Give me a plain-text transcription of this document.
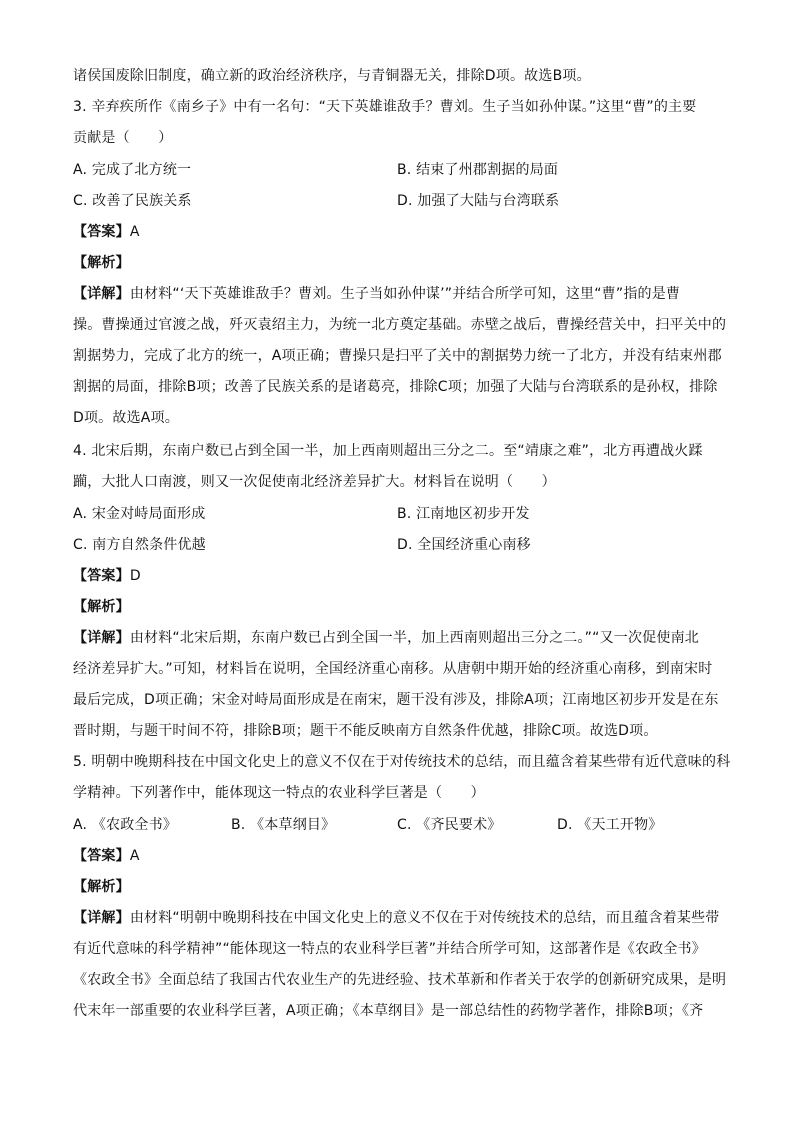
诸侯国废除旧制度，确立新的政治经济秩序，与青铜器无关，排除D项。故选B项。
3. 辛弃疾所作《南乡子》中有一名句：“天下英雄谁敌手？曹刘。生子当如孙仲谋。”这里“曹”的主要
贡献是（　　）
A. 完成了北方统一	B. 结束了州郡割据的局面
C. 改善了民族关系	D. 加强了大陆与台湾联系
【答案】A
【解析】
【详解】由材料“‘天下英雄谁敌手？曹刘。生子当如孙仲谋’”并结合所学可知，这里“曹”指的是曹
操。曹操通过官渡之战，歼灭袁绍主力，为统一北方奠定基础。赤壁之战后，曹操经营关中，扫平关中的
割据势力，完成了北方的统一，A项正确；曹操只是扫平了关中的割据势力统一了北方，并没有结束州郡
割据的局面，排除B项；改善了民族关系的是诸葛亮，排除C项；加强了大陆与台湾联系的是孙权，排除
D项。故选A项。
4. 北宋后期，东南户数已占到全国一半，加上西南则超出三分之二。至“靖康之难”，北方再遭战火蹂
躏，大批人口南渡，则又一次促使南北经济差异扩大。材料旨在说明（　　）
A. 宋金对峙局面形成	B. 江南地区初步开发
C. 南方自然条件优越	D. 全国经济重心南移
【答案】D
【解析】
【详解】由材料“北宋后期，东南户数已占到全国一半，加上西南则超出三分之二。”“又一次促使南北
经济差异扩大。”可知，材料旨在说明，全国经济重心南移。从唐朝中期开始的经济重心南移，到南宋时
最后完成，D项正确；宋金对峙局面形成是在南宋，题干没有涉及，排除A项；江南地区初步开发是在东
晋时期，与题干时间不符，排除B项；题干不能反映南方自然条件优越，排除C项。故选D项。
5. 明朝中晚期科技在中国文化史上的意义不仅在于对传统技术的总结，而且蕴含着某些带有近代意味的科
学精神。下列著作中，能体现这一特点的农业科学巨著是（　　）
A. 《农政全书》	B. 《本草纲目》	C. 《齐民要术》	D. 《天工开物》
【答案】A
【解析】
【详解】由材料“明朝中晚期科技在中国文化史上的意义不仅在于对传统技术的总结，而且蕴含着某些带
有近代意味的科学精神”“能体现这一特点的农业科学巨著”并结合所学可知，这部著作是《农政全书》
《农政全书》全面总结了我国古代农业生产的先进经验、技术革新和作者关于农学的创新研究成果，是明
代末年一部重要的农业科学巨著，A项正确；《本草纲目》是一部总结性的药物学著作，排除B项；《齐
